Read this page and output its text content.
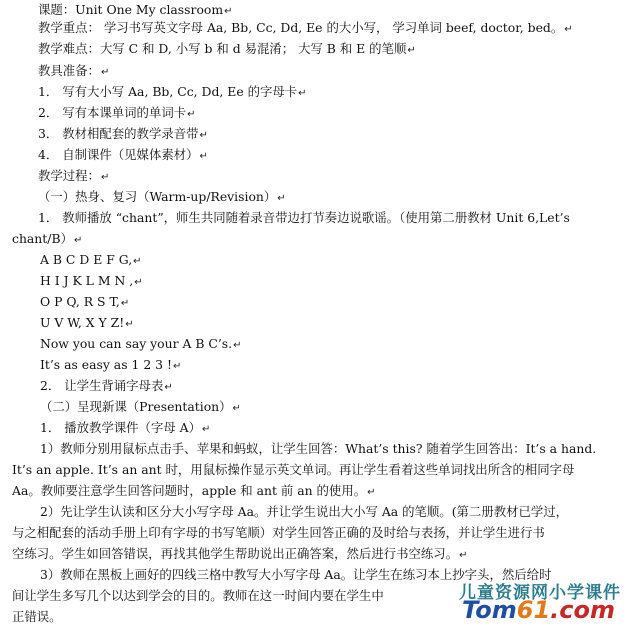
课题：Unit One My classroom↵
教学重点： 学习书写英文字母 Aa, Bb, Cc, Dd, Ee 的大小写， 学习单词 beef, doctor, bed。↵
教学难点：大写 C 和 D, 小写 b 和 d 易混淆； 大写 B 和 E 的笔顺↵
教具准备：↵
1． 写有大小写 Aa, Bb, Cc, Dd, Ee 的字母卡↵
2． 写有本课单词的单词卡↵
3． 教材相配套的教学录音带↵
4． 自制课件（见媒体素材）↵
教学过程：↵
（一）热身、复习（Warm-up/Revision）↵
1． 教师播放 “chant”，师生共同随着录音带边打节奏边说歌谣。（使用第二册教材 Unit 6,Let’s
chant/B）↵
A B C D E F G,↵
H I J K L M N ,↵
O P Q, R S T,↵
U V W, X Y Z!↵
Now you can say your A B C’s.↵
It’s as easy as 1 2 3 !↵
2． 让学生背诵字母表↵
（二）呈现新课（Presentation）↵
1． 播放教学课件（字母 A）↵
1）教师分别用鼠标点击手、苹果和蚂蚁，让学生回答：What’s this? 随着学生回答出：It’s a hand.
It’s an apple. It’s an ant 时，用鼠标操作显示英文单词。再让学生看着这些单词找出所含的相同字母
Aa。教师要注意学生回答问题时，apple 和 ant 前 an 的使用。↵
2）先让学生认读和区分大小写字母 Aa。并让学生说出大小写 Aa 的笔顺。(第二册教材已学过，
与之相配套的活动手册上印有字母的书写笔顺）对学生回答正确的及时给与表扬，并让学生进行书
空练习。学生如回答错误，再找其他学生帮助说出正确答案，然后进行书空练习。↵
3）教师在黑板上画好的四线三格中教写大小写字母 Aa。让学生在练习本上抄字头，然后给时
间让学生多写几个以达到学会的目的。教师在这一时间内要在学生中
正错误。
儿童资源网小学课件
Tom61.com
